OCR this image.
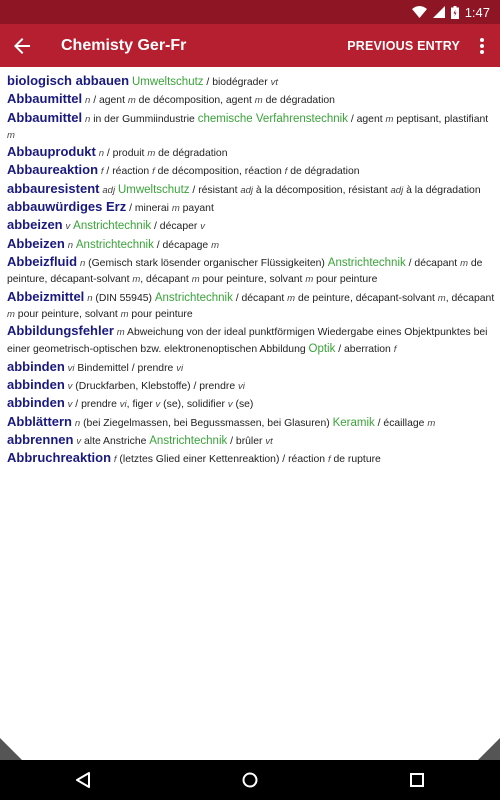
1:47
Chemisty Ger-Fr	PREVIOUS ENTRY
biologisch abbauen Umweltschutz / biodégrader vt
Abbaumittel n / agent m de décomposition, agent m de dégradation
Abbaumittel n in der Gummiindustrie chemische Verfahrenstechnik / agent m peptisant, plastifiant m
Abbauprodukt n / produit m de dégradation
Abbaureaktion f / réaction f de décomposition, réaction f de dégradation
abbauresistent adj Umweltschutz / résistant adj à la décomposition, résistant adj à la dégradation
abbauwürdiges Erz / minerai m payant
abbeizen v Anstrichtechnik / décaper v
Abbeizen n Anstrichtechnik / décapage m
Abbeizfluid n (Gemisch stark lösender organischer Flüssigkeiten) Anstrichtechnik / décapant m de peinture, décapant-solvant m, décapant m pour peinture, solvant m pour peinture
Abbeizmittel n (DIN 55945) Anstrichtechnik / décapant m de peinture, décapant-solvant m, décapant m pour peinture, solvant m pour peinture
Abbildungsfehler m Abweichung von der ideal punktförmigen Wiedergabe eines Objektpunktes bei einer geometrisch-optischen bzw. elektronenoptischen Abbildung Optik / aberration f
abbinden vi Bindemittel / prendre vi
abbinden v (Druckfarben, Klebstoffe) / prendre vi
abbinden v / prendre vi, figer v (se), solidifier v (se)
Abblättern n (bei Ziegelmassen, bei Begussmassen, bei Glasuren) Keramik / écaillage m
abbrennen v alte Anstriche Anstrichtechnik / brûler vt
Abbruchreaktion f (letztes Glied einer Kettenreaktion) / réaction f de rupture
